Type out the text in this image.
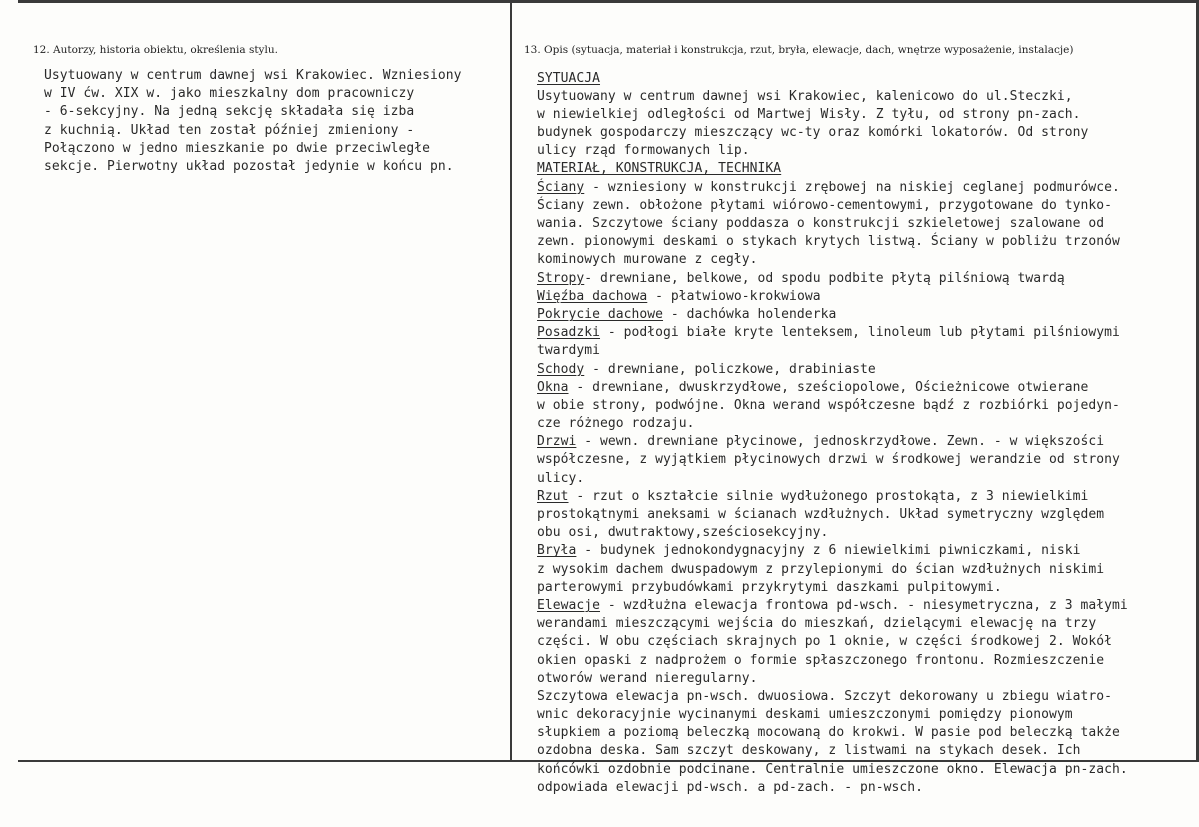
12. Autorzy, historia obiektu, określenia stylu.	13. Opis (sytuacja, materiał i konstrukcja, rzut, bryła, elewacje, dach, wnętrze wyposażenie, instalacje)
Usytuowany w centrum dawnej wsi Krakowiec. Wzniesiony
w IV ćw. XIX w. jako mieszkalny dom pracowniczy
- 6-sekcyjny. Na jedną sekcję składała się izba
z kuchnią. Układ ten został później zmieniony -
Połączono w jedno mieszkanie po dwie przeciwległe
sekcje. Pierwotny układ pozostał jedynie w końcu pn.
SYTUACJA
Usytuowany w centrum dawnej wsi Krakowiec, kalenicowo do ul.Steczki,
w niewielkiej odległości od Martwej Wisły. Z tyłu, od strony pn-zach.
budynek gospodarczy mieszczący wc-ty oraz komórki lokatorów. Od strony
ulicy rząd formowanych lip.
MATERIAŁ, KONSTRUKCJA, TECHNIKA
Ściany - wzniesiony w konstrukcji zrębowej na niskiej ceglanej podmurówce.
Ściany zewn. obłożone płytami wiórowo-cementowymi, przygotowane do tynko-
wania. Szczytowe ściany poddasza o konstrukcji szkieletowej szalowane od
zewn. pionowymi deskami o stykach krytych listwą. Ściany w pobliżu trzonów
kominowych murowane z cegły.
Stropy- drewniane, belkowe, od spodu podbite płytą pilśniową twardą
Więźba dachowa - płatwiowo-krokwiowa
Pokrycie dachowe - dachówka holenderka
Posadzki - podłogi białe kryte lenteksem, linoleum lub płytami pilśniowymi
twardymi
Schody - drewniane, policzkowe, drabiniaste
Okna - drewniane, dwuskrzydłowe, sześciopolowe, Ościeżnicowe otwierane
w obie strony, podwójne. Okna werand współczesne bądź z rozbiórki pojedyn-
cze różnego rodzaju.
Drzwi - wewn. drewniane płycinowe, jednoskrzydłowe. Zewn. - w większości
współczesne, z wyjątkiem płycinowych drzwi w środkowej werandzie od strony
ulicy.
Rzut - rzut o kształcie silnie wydłużonego prostokąta, z 3 niewielkimi
prostokątnymi aneksami w ścianach wzdłużnych. Układ symetryczny względem
obu osi, dwutraktowy,sześciosekcyjny.
Bryła - budynek jednokondygnacyjny z 6 niewielkimi piwniczkami, niski
z wysokim dachem dwuspadowym z przylepionymi do ścian wzdłużnych niskimi
parterowymi przybudówkami przykrytymi daszkami pulpitowymi.
Elewacje - wzdłużna elewacja frontowa pd-wsch. - niesymetryczna, z 3 małymi
werandami mieszczącymi wejścia do mieszkań, dzielącymi elewację na trzy
części. W obu częściach skrajnych po 1 oknie, w części środkowej 2. Wokół
okien opaski z nadprożem o formie spłaszczonego frontonu. Rozmieszczenie
otworów werand nieregularny.
Szczytowa elewacja pn-wsch. dwuosiowa. Szczyt dekorowany u zbiegu wiatro-
wnic dekoracyjnie wycinanymi deskami umieszczonymi pomiędzy pionowym
słupkiem a poziomą beleczką mocowaną do krokwi. W pasie pod beleczką także
ozdobna deska. Sam szczyt deskowany, z listwami na stykach desek. Ich
końcówki ozdobnie podcinane. Centralnie umieszczone okno. Elewacja pn-zach.
odpowiada elewacji pd-wsch. a pd-zach. - pn-wsch.
